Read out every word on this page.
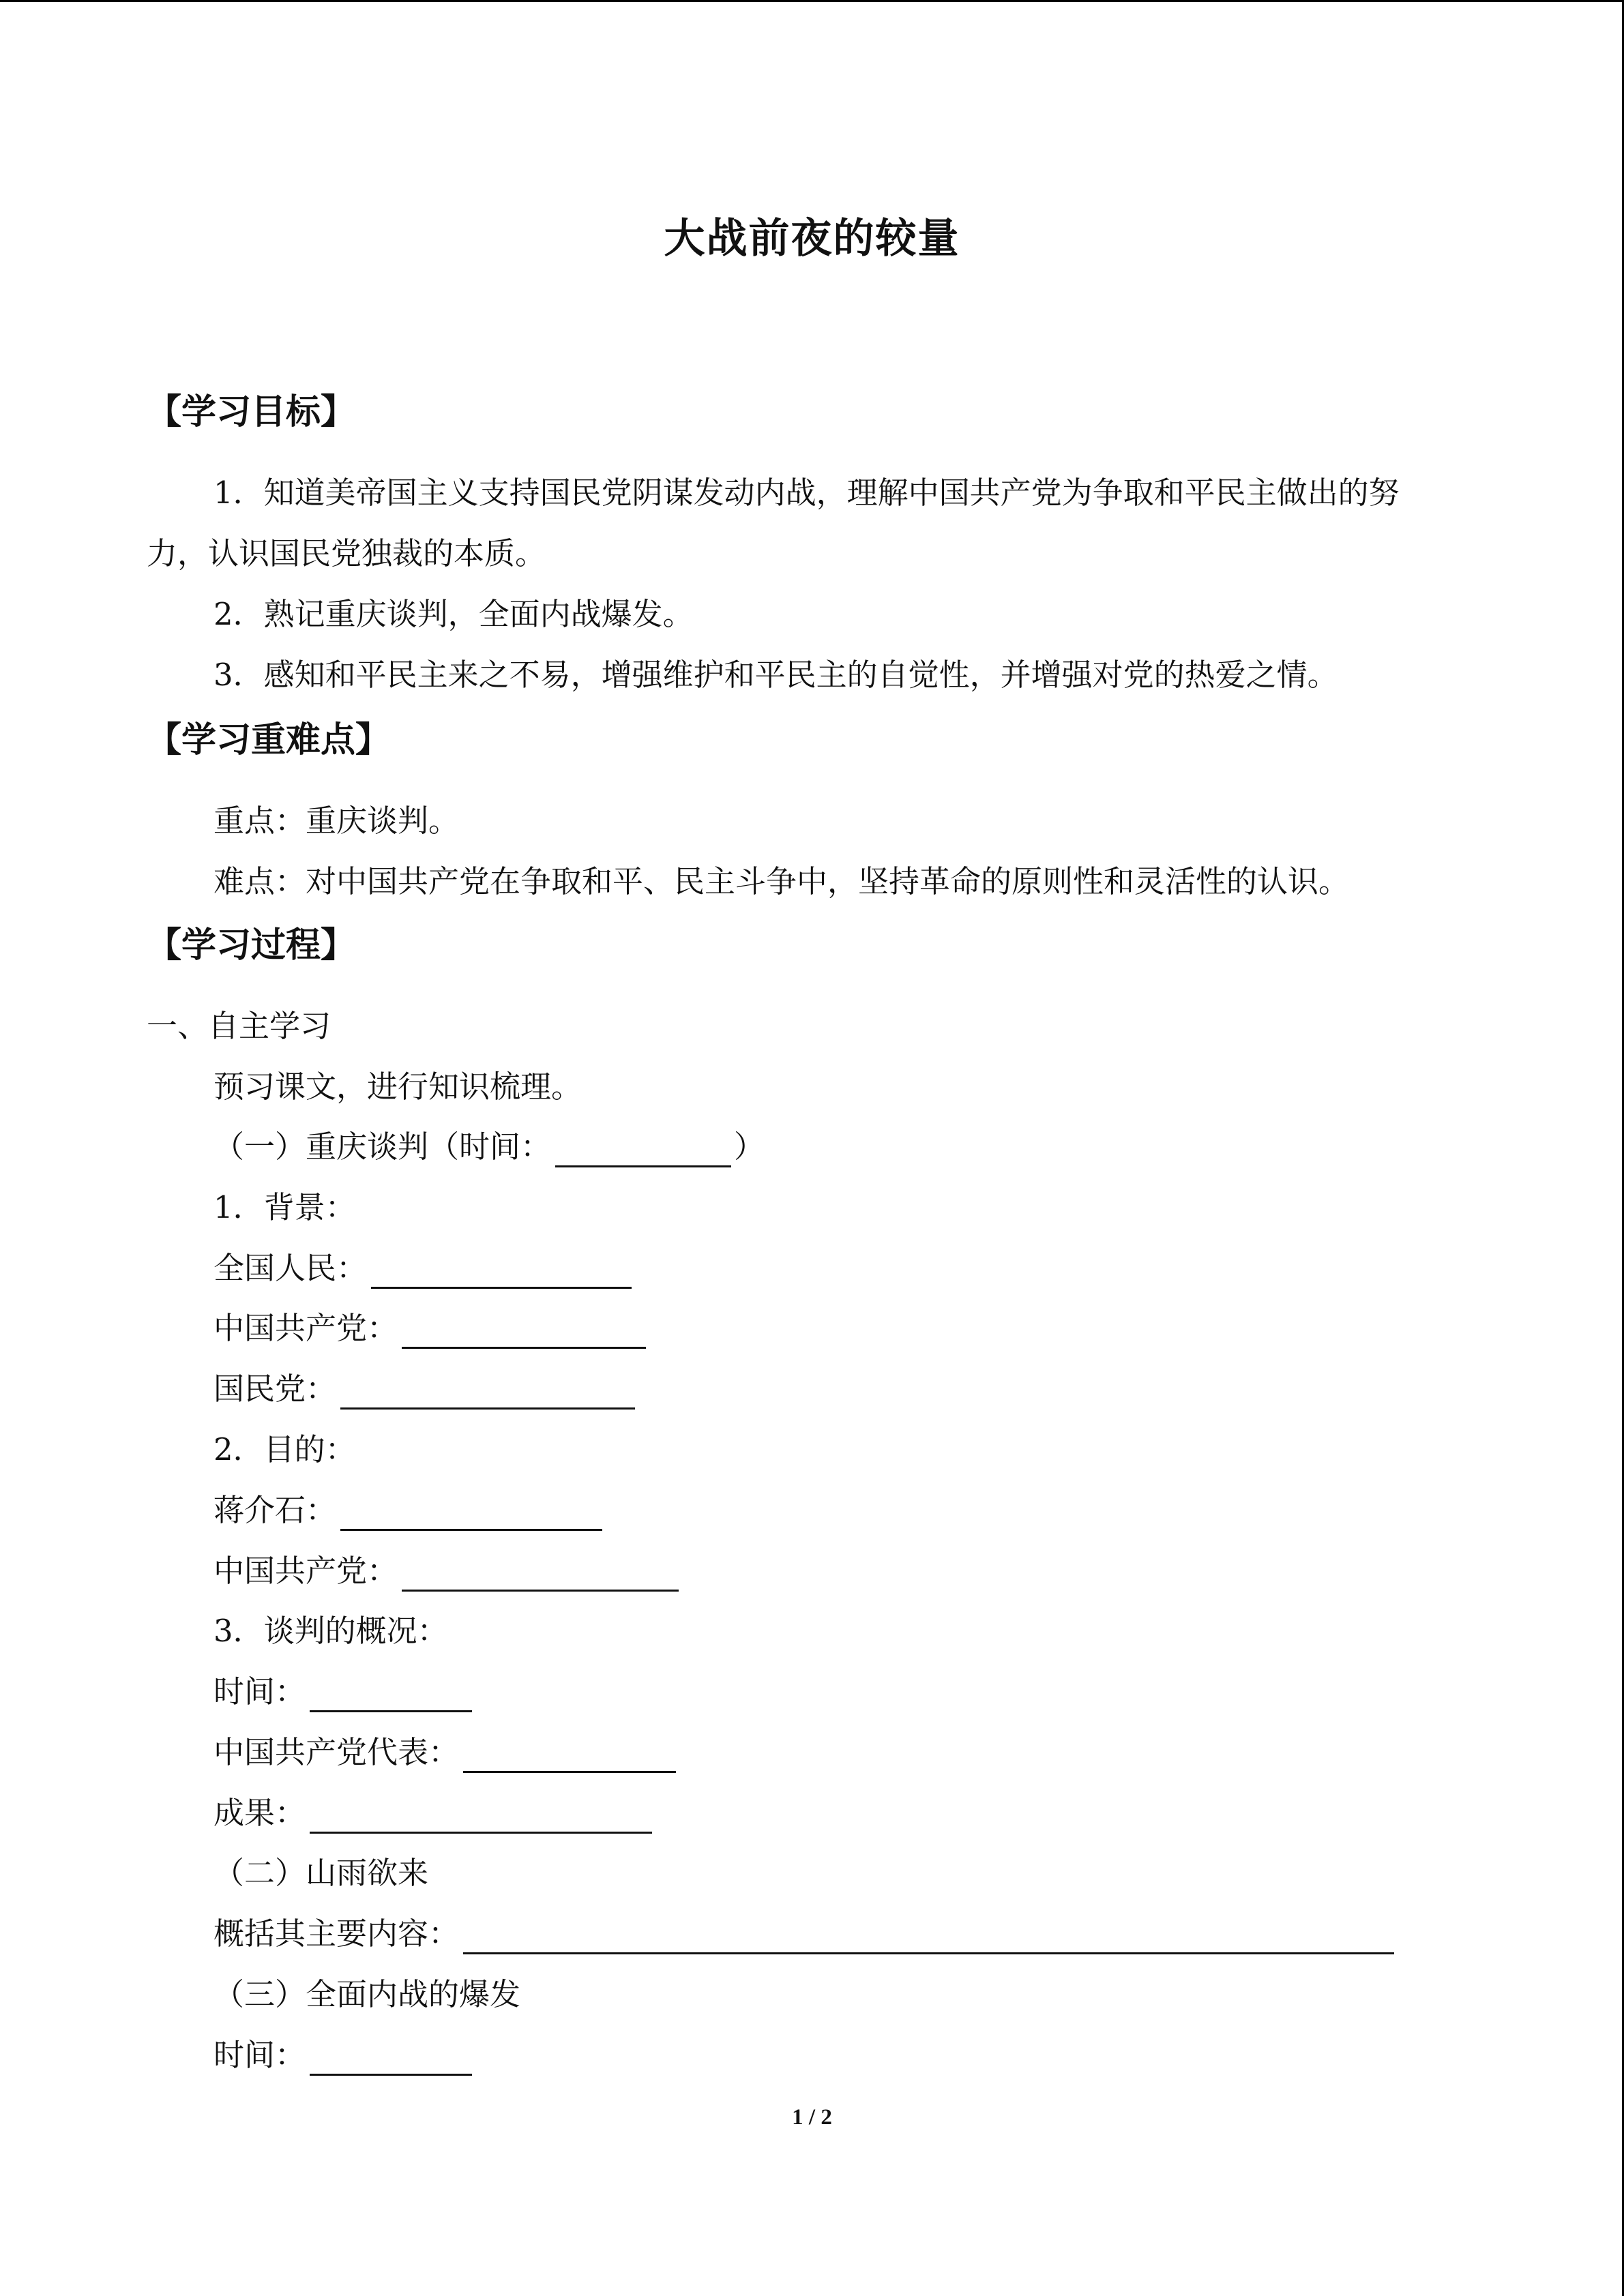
大战前夜的较量
【学习目标】
1．知道美帝国主义支持国民党阴谋发动内战，理解中国共产党为争取和平民主做出的努
力，认识国民党独裁的本质。
2．熟记重庆谈判，全面内战爆发。
3．感知和平民主来之不易，增强维护和平民主的自觉性，并增强对党的热爱之情。
【学习重难点】
重点：重庆谈判。
难点：对中国共产党在争取和平、民主斗争中，坚持革命的原则性和灵活性的认识。
【学习过程】
一、自主学习
预习课文，进行知识梳理。
（一）重庆谈判（时间：	）
1．背景：
全国人民：
中国共产党：
国民党：
2．目的：
蒋介石：
中国共产党：
3．谈判的概况：
时间：
中国共产党代表：
成果：
（二）山雨欲来
概括其主要内容：
（三）全面内战的爆发
时间：
1 / 2
